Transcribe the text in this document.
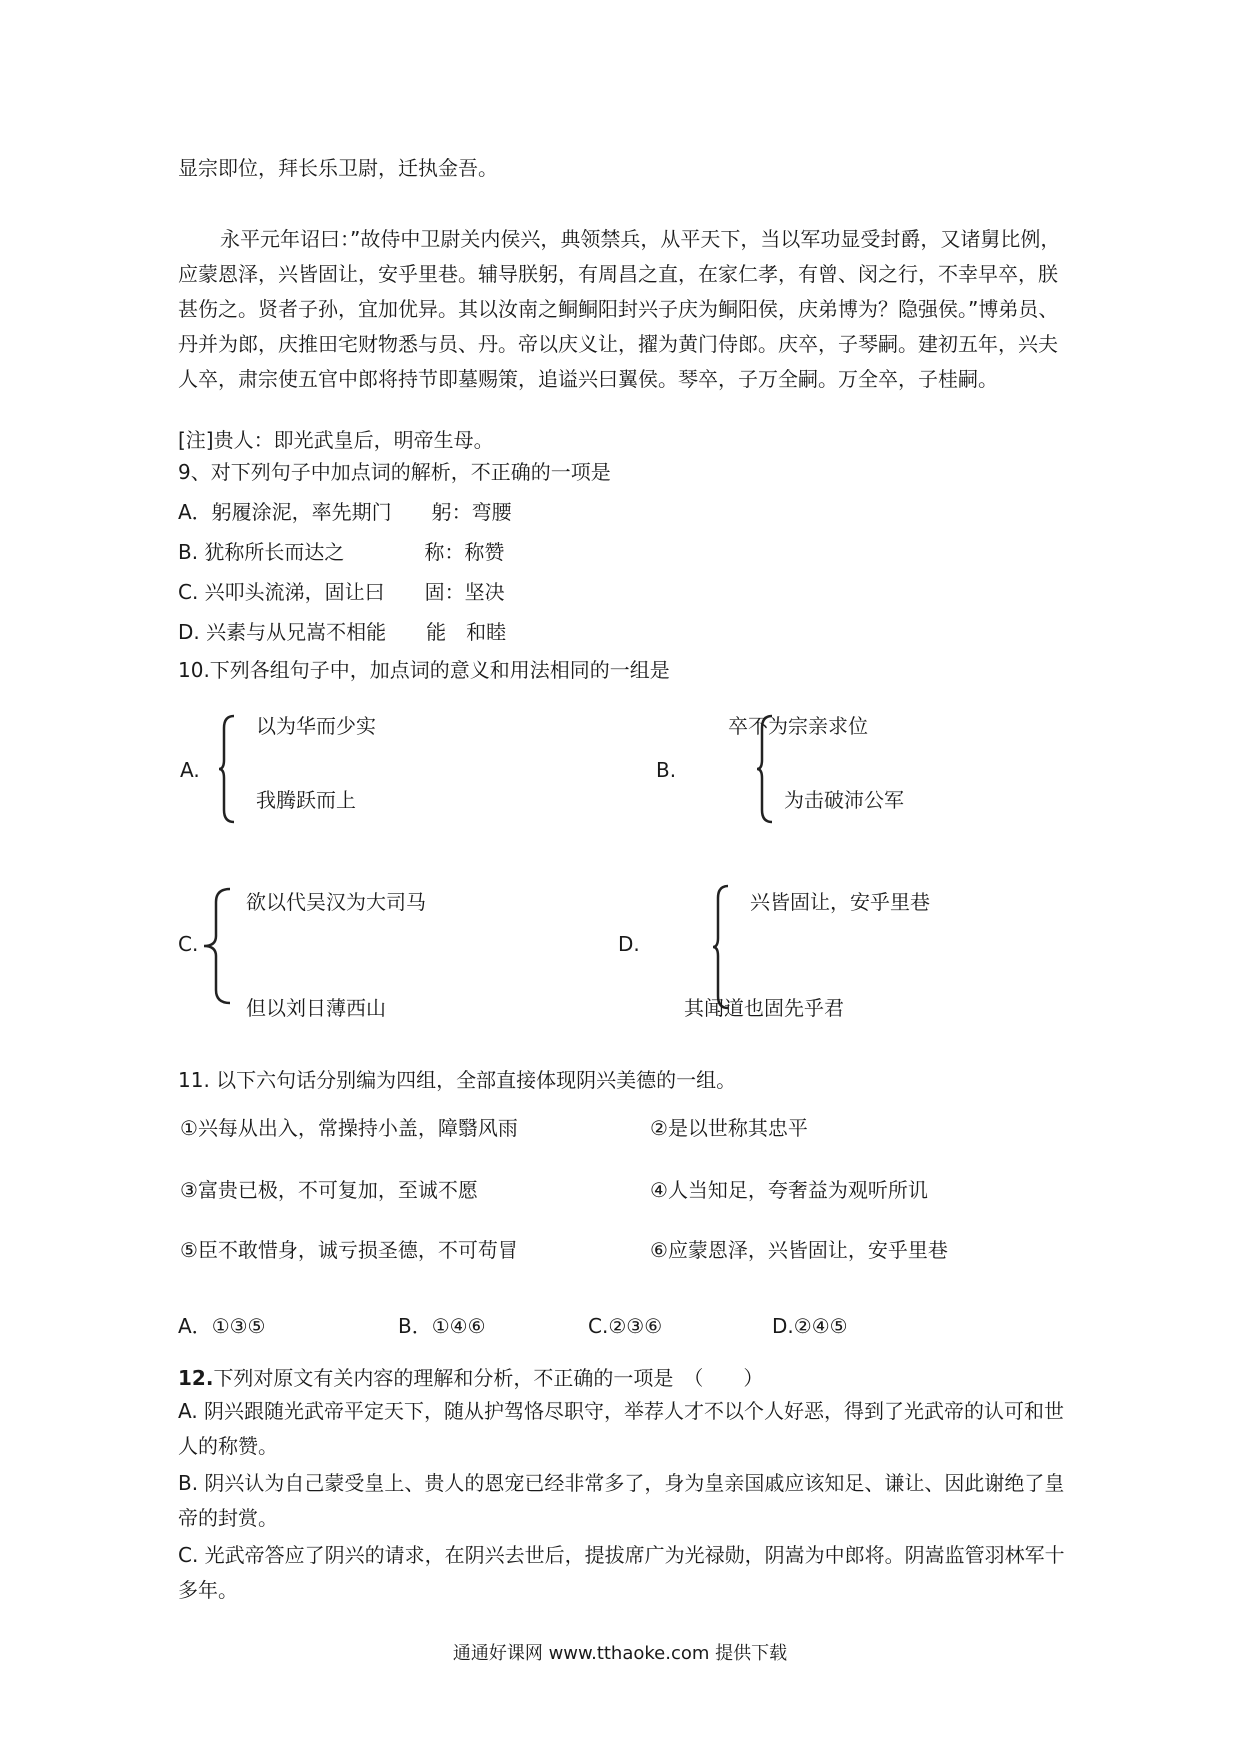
显宗即位，拜长乐卫尉，迁执金吾。
永平元年诏曰：”故侍中卫尉关内侯兴，典领禁兵，从平天下，当以军功显受封爵，又诸舅比例，应蒙恩泽，兴皆固让，安乎里巷。辅导朕躬，有周昌之直，在家仁孝，有曾、闵之行，不幸早卒，朕甚伤之。贤者子孙，宜加优异。其以汝南之鲖鲖阳封兴子庆为鲖阳侯，庆弟博为？隐强侯。”博弟员、丹并为郎，庆推田宅财物悉与员、丹。帝以庆义让，擢为黄门侍郎。庆卒，子琴嗣。建初五年，兴夫人卒，肃宗使五官中郎将持节即墓赐策，追谥兴曰翼侯。琴卒，子万全嗣。万全卒，子桂嗣。
[注]贵人：即光武皇后，明帝生母。
9、对下列句子中加点词的解析，不正确的一项是
A．躬履涂泥，率先期门　　躬：弯腰
B. 犹称所长而达之　　　　称：称赞
C. 兴叩头流涕，固让曰　　固：坚决
D. 兴素与从兄嵩不相能　　能　和睦
10.下列各组句子中，加点词的意义和用法相同的一组是
A.
以为华而少实
我腾跃而上
B.
卒不为宗亲求位
为击破沛公军
C.
欲以代吴汉为大司马
但以刘日薄西山
D.
兴皆固让，安乎里巷
其闻道也固先乎君
11. 以下六句话分别编为四组，全部直接体现阴兴美德的一组。
①兴每从出入，常操持小盖，障翳风雨	②是以世称其忠平
③富贵已极，不可复加，至诚不愿	④人当知足，夸奢益为观听所讥
⑤臣不敢惜身，诚亏损圣德，不可苟冒	⑥应蒙恩泽，兴皆固让，安乎里巷
A．①③⑤	B．①④⑥	C.②③⑥	D.②④⑤
12.下列对原文有关内容的理解和分析，不正确的一项是　（　　）
A. 阴兴跟随光武帝平定天下，随从护驾恪尽职守，举荐人才不以个人好恶，得到了光武帝的认可和世人的称赞。
B. 阴兴认为自己蒙受皇上、贵人的恩宠已经非常多了，身为皇亲国戚应该知足、谦让、因此谢绝了皇帝的封赏。
C. 光武帝答应了阴兴的请求，在阴兴去世后，提拔席广为光禄勋，阴嵩为中郎将。阴嵩监管羽林军十多年。
通通好课网 www.tthaoke.com 提供下载
